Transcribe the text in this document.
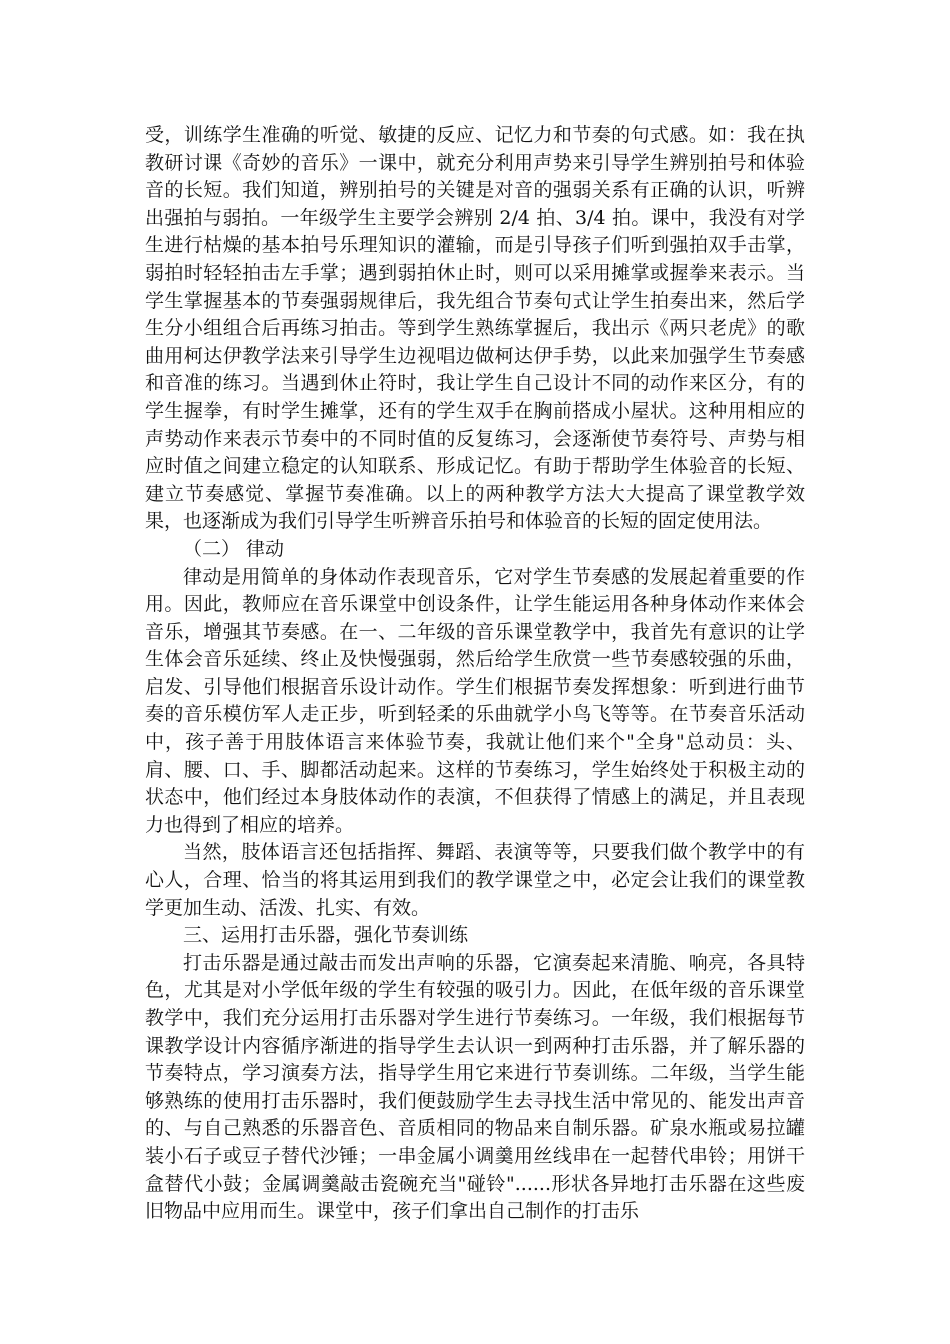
受，训练学生准确的听觉、敏捷的反应、记忆力和节奏的句式感。如：我在执教研讨课《奇妙的音乐》一课中，就充分利用声势来引导学生辨别拍号和体验音的长短。我们知道，辨别拍号的关键是对音的强弱关系有正确的认识，听辨出强拍与弱拍。一年级学生主要学会辨别 2/4 拍、3/4 拍。课中，我没有对学生进行枯燥的基本拍号乐理知识的灌输，而是引导孩子们听到强拍双手击掌，弱拍时轻轻拍击左手掌；遇到弱拍休止时，则可以采用摊掌或握拳来表示。当学生掌握基本的节奏强弱规律后，我先组合节奏句式让学生拍奏出来，然后学生分小组组合后再练习拍击。等到学生熟练掌握后，我出示《两只老虎》的歌曲用柯达伊教学法来引导学生边视唱边做柯达伊手势，以此来加强学生节奏感和音准的练习。当遇到休止符时，我让学生自己设计不同的动作来区分，有的学生握拳，有时学生摊掌，还有的学生双手在胸前搭成小屋状。这种用相应的声势动作来表示节奏中的不同时值的反复练习，会逐渐使节奏符号、声势与相应时值之间建立稳定的认知联系、形成记忆。有助于帮助学生体验音的长短、建立节奏感觉、掌握节奏准确。以上的两种教学方法大大提高了课堂教学效果，也逐渐成为我们引导学生听辨音乐拍号和体验音的长短的固定使用法。

（二） 律动

律动是用简单的身体动作表现音乐，它对学生节奏感的发展起着重要的作用。因此，教师应在音乐课堂中创设条件，让学生能运用各种身体动作来体会音乐，增强其节奏感。在一、二年级的音乐课堂教学中，我首先有意识的让学生体会音乐延续、终止及快慢强弱，然后给学生欣赏一些节奏感较强的乐曲，启发、引导他们根据音乐设计动作。学生们根据节奏发挥想象：听到进行曲节奏的音乐模仿军人走正步，听到轻柔的乐曲就学小鸟飞等等。在节奏音乐活动中，孩子善于用肢体语言来体验节奏，我就让他们来个"全身"总动员：头、肩、腰、口、手、脚都活动起来。这样的节奏练习，学生始终处于积极主动的状态中，他们经过本身肢体动作的表演，不但获得了情感上的满足，并且表现力也得到了相应的培养。

当然，肢体语言还包括指挥、舞蹈、表演等等，只要我们做个教学中的有心人，合理、恰当的将其运用到我们的教学课堂之中，必定会让我们的课堂教学更加生动、活泼、扎实、有效。

三、运用打击乐器，强化节奏训练

打击乐器是通过敲击而发出声响的乐器，它演奏起来清脆、响亮，各具特色，尤其是对小学低年级的学生有较强的吸引力。因此，在低年级的音乐课堂教学中，我们充分运用打击乐器对学生进行节奏练习。一年级，我们根据每节课教学设计内容循序渐进的指导学生去认识一到两种打击乐器，并了解乐器的节奏特点，学习演奏方法，指导学生用它来进行节奏训练。二年级，当学生能够熟练的使用打击乐器时，我们便鼓励学生去寻找生活中常见的、能发出声音的、与自己熟悉的乐器音色、音质相同的物品来自制乐器。矿泉水瓶或易拉罐装小石子或豆子替代沙锤；一串金属小调羹用丝线串在一起替代串铃；用饼干盒替代小鼓；金属调羹敲击瓷碗充当"碰铃"......形状各异地打击乐器在这些废旧物品中应用而生。课堂中，孩子们拿出自己制作的打击乐
